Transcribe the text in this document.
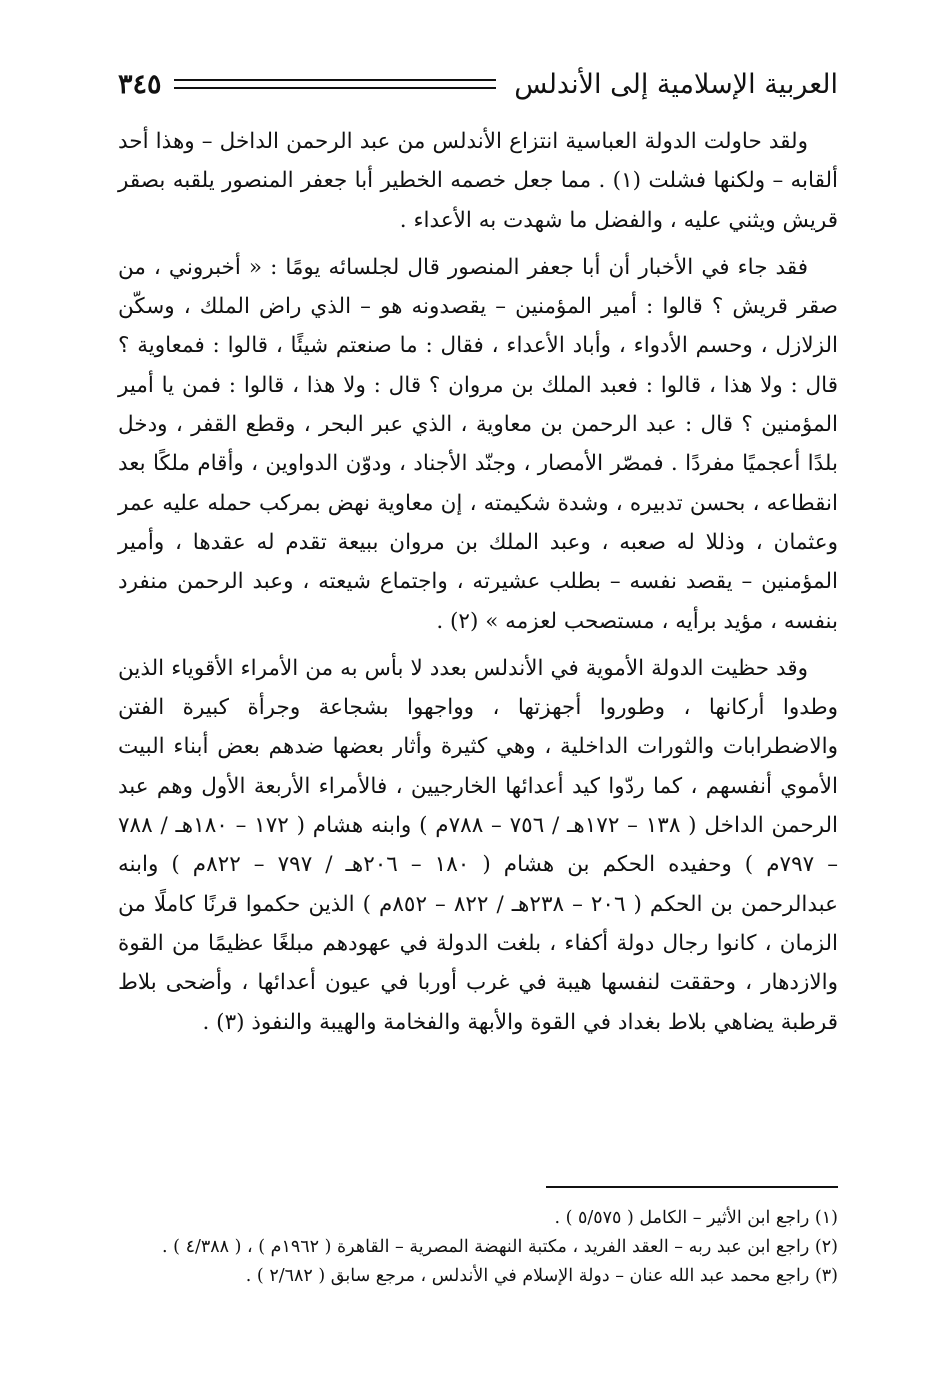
العربية الإسلامية إلى الأندلس
٣٤٥

ولقد حاولت الدولة العباسية انتزاع الأندلس من عبد الرحمن الداخل – وهذا أحد ألقابه – ولكنها فشلت (١) . مما جعل خصمه الخطير أبا جعفر المنصور يلقبه بصقر قريش ويثني عليه ، والفضل ما شهدت به الأعداء .

فقد جاء في الأخبار أن أبا جعفر المنصور قال لجلسائه يومًا : « أخبروني ، من صقر قريش ؟ قالوا : أمير المؤمنين – يقصدونه هو – الذي راض الملك ، وسكّن الزلازل ، وحسم الأدواء ، وأباد الأعداء ، فقال : ما صنعتم شيئًا ، قالوا : فمعاوية ؟ قال : ولا هذا ، قالوا : فعبد الملك بن مروان ؟ قال : ولا هذا ، قالوا : فمن يا أمير المؤمنين ؟ قال : عبد الرحمن بن معاوية ، الذي عبر البحر ، وقطع القفر ، ودخل بلدًا أعجميًا مفردًا . فمصّر الأمصار ، وجنّد الأجناد ، ودوّن الدواوين ، وأقام ملكًا بعد انقطاعه ، بحسن تدبيره ، وشدة شكيمته ، إن معاوية نهض بمركب حمله عليه عمر وعثمان ، وذللا له صعبه ، وعبد الملك بن مروان ببيعة تقدم له عقدها ، وأمير المؤمنين – يقصد نفسه – بطلب عشيرته ، واجتماع شيعته ، وعبد الرحمن منفرد بنفسه ، مؤيد برأيه ، مستصحب لعزمه » (٢) .

وقد حظيت الدولة الأموية في الأندلس بعدد لا بأس به من الأمراء الأقوياء الذين وطدوا أركانها ، وطوروا أجهزتها ، وواجهوا بشجاعة وجرأة كبيرة الفتن والاضطرابات والثورات الداخلية ، وهي كثيرة وأثار بعضها ضدهم بعض أبناء البيت الأموي أنفسهم ، كما ردّوا كيد أعدائها الخارجيين ، فالأمراء الأربعة الأول وهم عبد الرحمن الداخل ( ١٣٨ – ١٧٢هـ / ٧٥٦ – ٧٨٨م ) وابنه هشام ( ١٧٢ – ١٨٠هـ / ٧٨٨ – ٧٩٧م ) وحفيده الحكم بن هشام ( ١٨٠ – ٢٠٦هـ / ٧٩٧ – ٨٢٢م ) وابنه عبدالرحمن بن الحكم ( ٢٠٦ – ٢٣٨هـ / ٨٢٢ – ٨٥٢م ) الذين حكموا قرنًا كاملًا من الزمان ، كانوا رجال دولة أكفاء ، بلغت الدولة في عهودهم مبلغًا عظيمًا من القوة والازدهار ، وحققت لنفسها هيبة في غرب أوربا في عيون أعدائها ، وأضحى بلاط قرطبة يضاهي بلاط بغداد في القوة والأبهة والفخامة والهيبة والنفوذ (٣) .

(١) راجع ابن الأثير – الكامل ( ٥/٥٧٥ ) .

(٢) راجع ابن عبد ربه – العقد الفريد ، مكتبة النهضة المصرية – القاهرة ( ١٩٦٢م ) ، ( ٤/٣٨٨ ) .

(٣) راجع محمد عبد الله عنان – دولة الإسلام في الأندلس ، مرجع سابق ( ٢/٦٨٢ ) .
